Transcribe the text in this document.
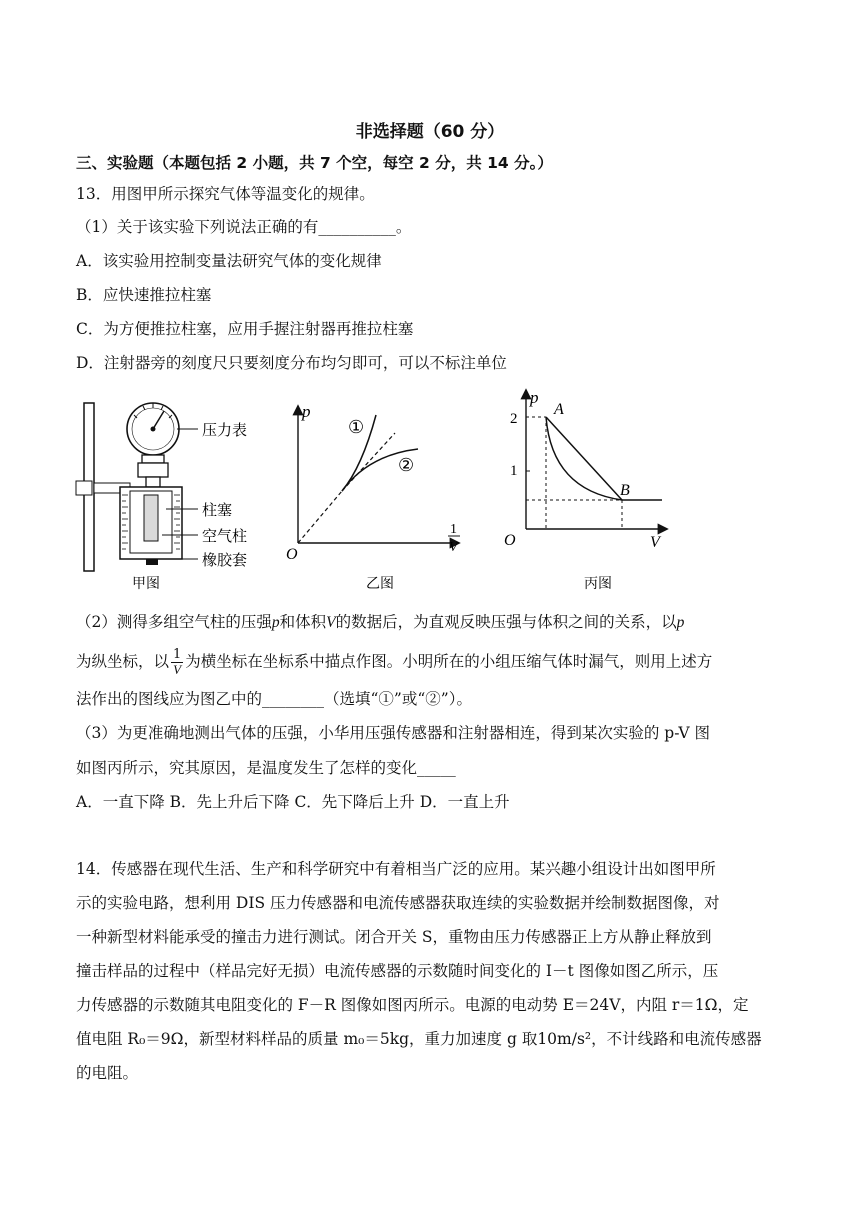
非选择题（60 分）
三、实验题（本题包括 2 小题，共 7 个空，每空 2 分，共 14 分。）
13．用图甲所示探究气体等温变化的规律。
（1）关于该实验下列说法正确的有__________。
A．该实验用控制变量法研究气体的变化规律
B．应快速推拉柱塞
C．为方便推拉柱塞，应用手握注射器再推拉柱塞
D．注射器旁的刻度尺只要刻度分布均匀即可，可以不标注单位
压力表
柱塞
空气柱
橡胶套
甲图
p
O
1
V
①
②
乙图
p
2
1
O	V
A
B
丙图
（2）测得多组空气柱的压强p和体积V的数据后，为直观反映压强与体积之间的关系，以p
为纵坐标，以 $\frac{1}{V}$ 为横坐标在坐标系中描点作图。小明所在的小组压缩气体时漏气，则用上述方
法作出的图线应为图乙中的________（选填“①”或“②”）。
（3）为更准确地测出气体的压强，小华用压强传感器和注射器相连，得到某次实验的 p-V 图
如图丙所示，究其原因，是温度发生了怎样的变化_____
A．一直下降 B．先上升后下降 C．先下降后上升 D．一直上升
14．传感器在现代生活、生产和科学研究中有着相当广泛的应用。某兴趣小组设计出如图甲所
示的实验电路，想利用 DIS 压力传感器和电流传感器获取连续的实验数据并绘制数据图像，对
一种新型材料能承受的撞击力进行测试。闭合开关 S，重物由压力传感器正上方从静止释放到
撞击样品的过程中（样品完好无损）电流传感器的示数随时间变化的 I－t 图像如图乙所示，压
力传感器的示数随其电阻变化的 F－R 图像如图丙所示。电源的电动势 E＝24V，内阻 r＝1Ω，定
值电阻 R₀＝9Ω，新型材料样品的质量 m₀＝5kg，重力加速度 g 取10m/s²，不计线路和电流传感器
的电阻。
